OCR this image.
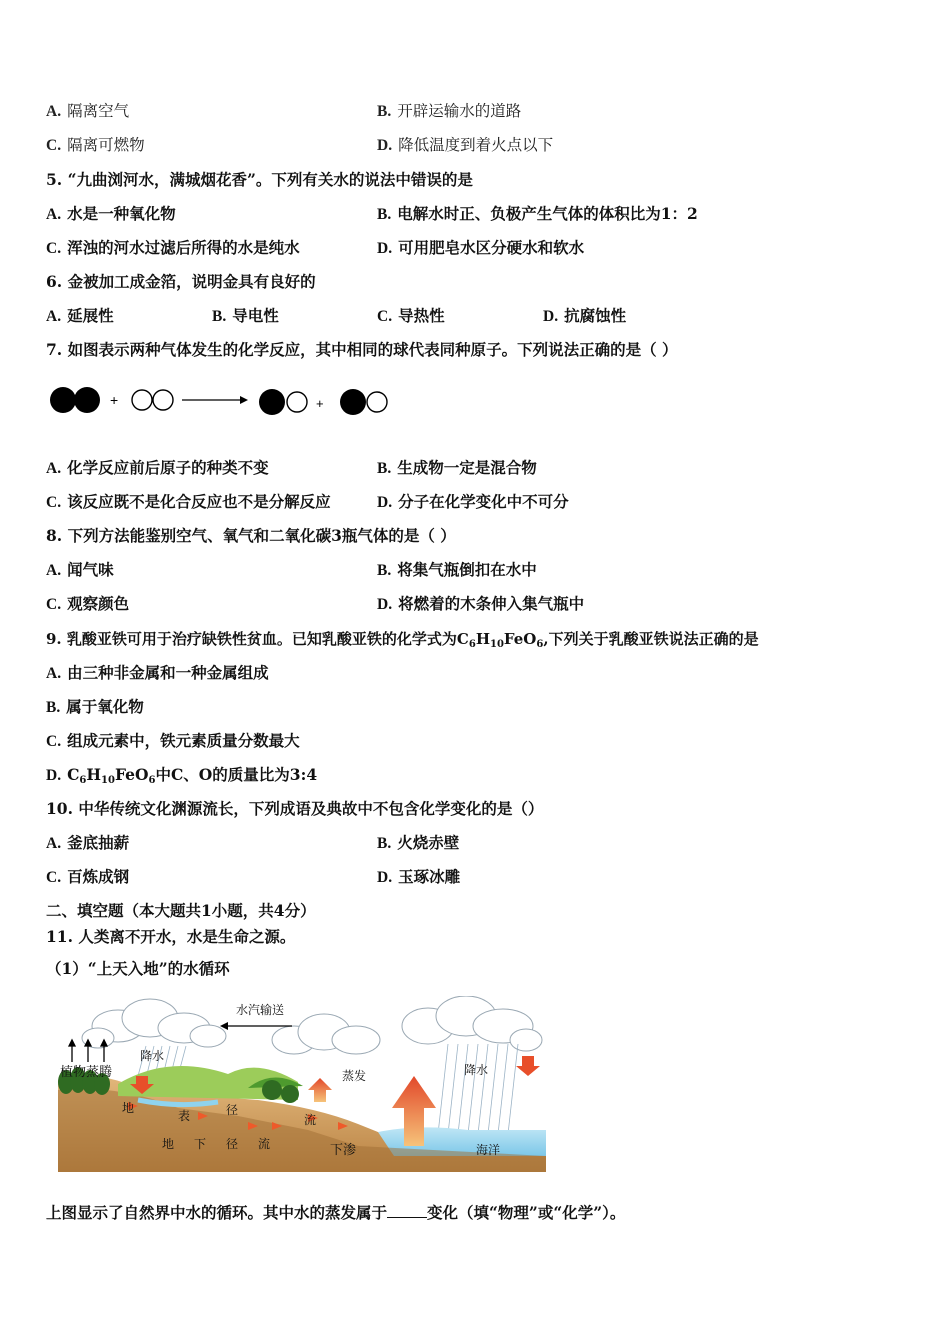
A. 隔离空气	B. 开辟运输水的道路
C. 隔离可燃物	D. 降低温度到着火点以下
5. “九曲浏河水，满城烟花香”。下列有关水的说法中错误的是
A. 水是一种氧化物	B. 电解水时正、负极产生气体的体积比为1：2
C. 浑浊的河水过滤后所得的水是纯水	D. 可用肥皂水区分硬水和软水
6. 金被加工成金箔，说明金具有良好的
A. 延展性	B. 导电性	C. 导热性	D. 抗腐蚀性
7. 如图表示两种气体发生的化学反应，其中相同的球代表同种原子。下列说法正确的是（ ）
+	+
A. 化学反应前后原子的种类不变	B. 生成物一定是混合物
C. 该反应既不是化合反应也不是分解反应	D. 分子在化学变化中不可分
8. 下列方法能鉴别空气、氧气和二氧化碳3瓶气体的是（ ）
A. 闻气味	B. 将集气瓶倒扣在水中
C. 观察颜色	D. 将燃着的木条伸入集气瓶中
9. 乳酸亚铁可用于治疗缺铁性贫血。已知乳酸亚铁的化学式为$C_6H_{10}FeO_6$,下列关于乳酸亚铁说法正确的是
A. 由三种非金属和一种金属组成
B. 属于氧化物
C. 组成元素中，铁元素质量分数最大
D. $C_6H_{10}FeO_6$中C、O的质量比为3:4
10. 中华传统文化渊源流长，下列成语及典故中不包含化学变化的是（）
A. 釜底抽薪	B. 火烧赤壁
C. 百炼成钢	D. 玉琢冰雕
二、填空题（本大题共1小题，共4分）
11. 人类离不开水，水是生命之源。
（1）“上天入地”的水循环
水汽输送
降水
降水
植物蒸腾	蒸发
地
表	径
流
地 下 径 流	下渗	海洋
上图显示了自然界中水的循环。其中水的蒸发属于	变化（填“物理”或“化学”）。
